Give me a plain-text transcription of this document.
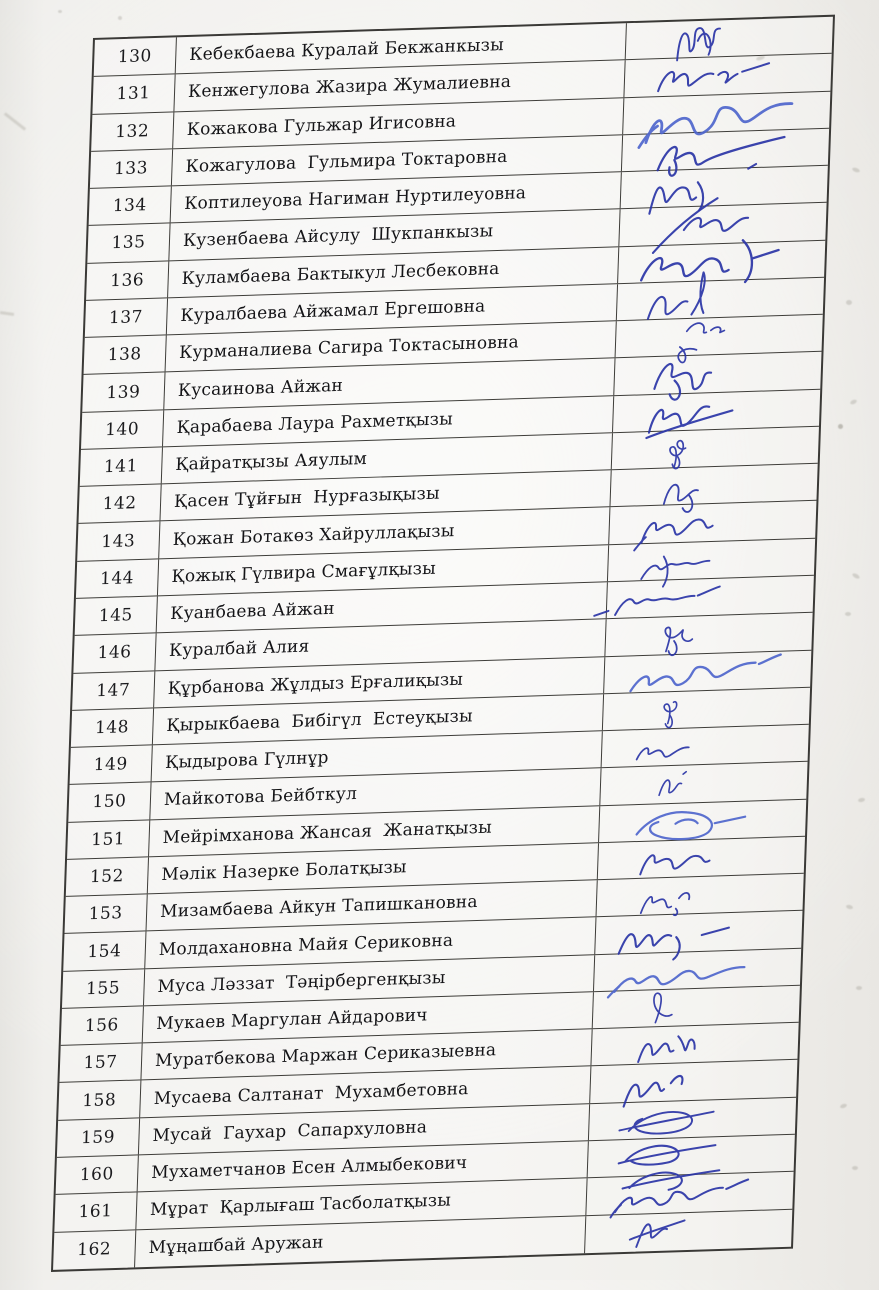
130	Кебекбаева Куралай Бекжанкызы
131	Кенжегулова Жазира Жумалиевна
132	Кожакова Гульжар Игисовна
133	Кожагулова  Гульмира Токтаровна
134	Коптилеуова Нагиман Нуртилеуовна
135	Кузенбаева Айсулу  Шукпанкызы
136	Куламбаева Бактыкул Лесбековна
137	Куралбаева Айжамал Ергешовна
138	Курманалиева Сагира Токтасыновна
139	Кусаинова Айжан
140	Қарабаева Лаура Рахметқызы
141	Қайратқызы Аяулым
142	Қасен Тұйғын  Нурғазықызы
143	Қожан Ботакөз Хайруллақызы
144	Қожық Гүлвира Смағұлқызы
145	Куанбаева Айжан
146	Куралбай Алия
147	Құрбанова Жұлдыз Ерғалиқызы
148	Қырыкбаева  Бибігүл  Естеуқызы
149	Қыдырова Гүлнұр
150	Майкотова Бейбткул
151	Мейрімханова Жансая  Жанатқызы
152	Мәлік Назерке Болатқызы
153	Мизамбаева Айкун Тапишкановна
154	Молдахановна Майя Сериковна
155	Муса Ләззат  Тәңірбергенқызы
156	Мукаев Маргулан Айдарович
157	Муратбекова Маржан Сериказыевна
158	Мусаева Салтанат  Мухамбетовна
159	Мусай  Гаухар  Сапархуловна
160	Мухаметчанов Есен Алмыбекович
161	Мұрат  Қарлығаш Тасболатқызы
162	Мұңашбай Аружан
